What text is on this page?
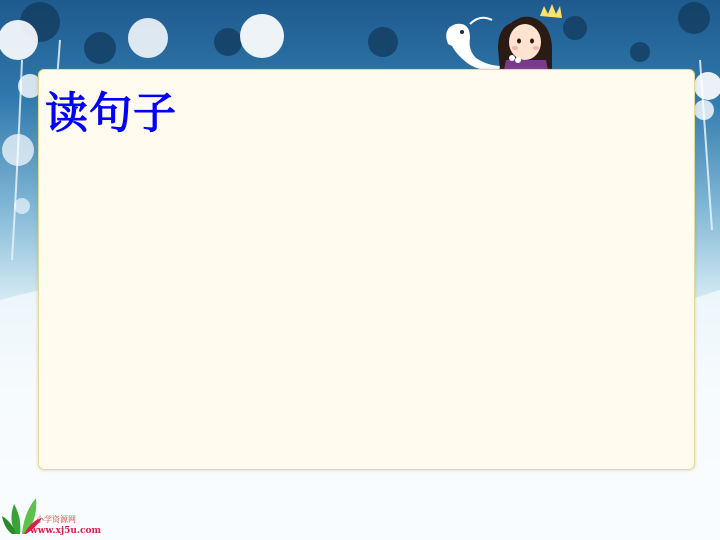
读句子

小学资源网

www.xj5u.com
